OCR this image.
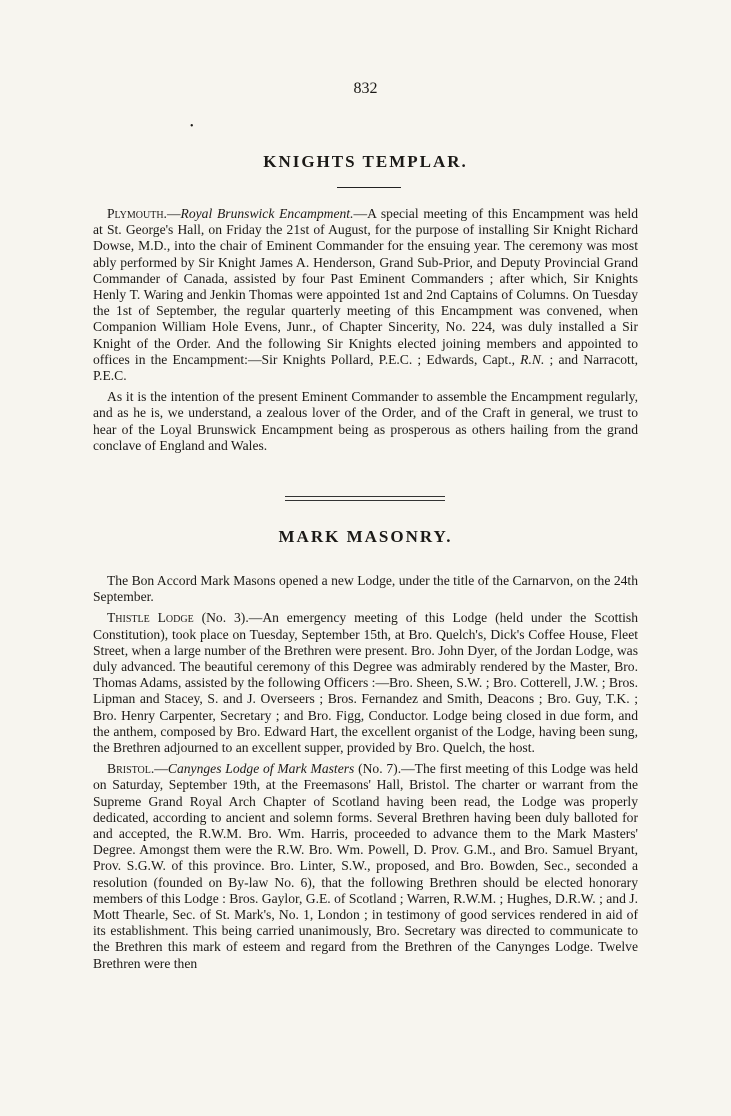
832
•
KNIGHTS TEMPLAR.

Plymouth.—Royal Brunswick Encampment.—A special meeting of this Encampment was held at St. George's Hall, on Friday the 21st of August, for the purpose of installing Sir Knight Richard Dowse, M.D., into the chair of Eminent Commander for the ensuing year. The ceremony was most ably performed by Sir Knight James A. Henderson, Grand Sub-Prior, and Deputy Provincial Grand Commander of Canada, assisted by four Past Eminent Commanders ; after which, Sir Knights Henly T. Waring and Jenkin Thomas were appointed 1st and 2nd Captains of Columns. On Tuesday the 1st of September, the regular quarterly meeting of this Encampment was convened, when Companion William Hole Evens, Junr., of Chapter Sincerity, No. 224, was duly installed a Sir Knight of the Order. And the following Sir Knights elected joining members and appointed to offices in the Encampment:—Sir Knights Pollard, P.E.C. ; Edwards, Capt., R.N. ; and Narracott, P.E.C.

As it is the intention of the present Eminent Commander to assemble the Encampment regularly, and as he is, we understand, a zealous lover of the Order, and of the Craft in general, we trust to hear of the Loyal Brunswick Encampment being as prosperous as others hailing from the grand conclave of England and Wales.

MARK MASONRY.

The Bon Accord Mark Masons opened a new Lodge, under the title of the Carnarvon, on the 24th September.

Thistle Lodge (No. 3).—An emergency meeting of this Lodge (held under the Scottish Constitution), took place on Tuesday, September 15th, at Bro. Quelch's, Dick's Coffee House, Fleet Street, when a large number of the Brethren were present. Bro. John Dyer, of the Jordan Lodge, was duly advanced. The beautiful ceremony of this Degree was admirably rendered by the Master, Bro. Thomas Adams, assisted by the following Officers :—Bro. Sheen, S.W. ; Bro. Cotterell, J.W. ; Bros. Lipman and Stacey, S. and J. Overseers ; Bros. Fernandez and Smith, Deacons ; Bro. Guy, T.K. ; Bro. Henry Carpenter, Secretary ; and Bro. Figg, Conductor. Lodge being closed in due form, and the anthem, composed by Bro. Edward Hart, the excellent organist of the Lodge, having been sung, the Brethren adjourned to an excellent supper, provided by Bro. Quelch, the host.

Bristol.—Canynges Lodge of Mark Masters (No. 7).—The first meeting of this Lodge was held on Saturday, September 19th, at the Freemasons' Hall, Bristol. The charter or warrant from the Supreme Grand Royal Arch Chapter of Scotland having been read, the Lodge was properly dedicated, according to ancient and solemn forms. Several Brethren having been duly balloted for and accepted, the R.W.M. Bro. Wm. Harris, proceeded to advance them to the Mark Masters' Degree. Amongst them were the R.W. Bro. Wm. Powell, D. Prov. G.M., and Bro. Samuel Bryant, Prov. S.G.W. of this province. Bro. Linter, S.W., proposed, and Bro. Bowden, Sec., seconded a resolution (founded on By-law No. 6), that the following Brethren should be elected honorary members of this Lodge : Bros. Gaylor, G.E. of Scotland ; Warren, R.W.M. ; Hughes, D.R.W. ; and J. Mott Thearle, Sec. of St. Mark's, No. 1, London ; in testimony of good services rendered in aid of its establishment. This being carried unanimously, Bro. Secretary was directed to communicate to the Brethren this mark of esteem and regard from the Brethren of the Canynges Lodge. Twelve Brethren were then
